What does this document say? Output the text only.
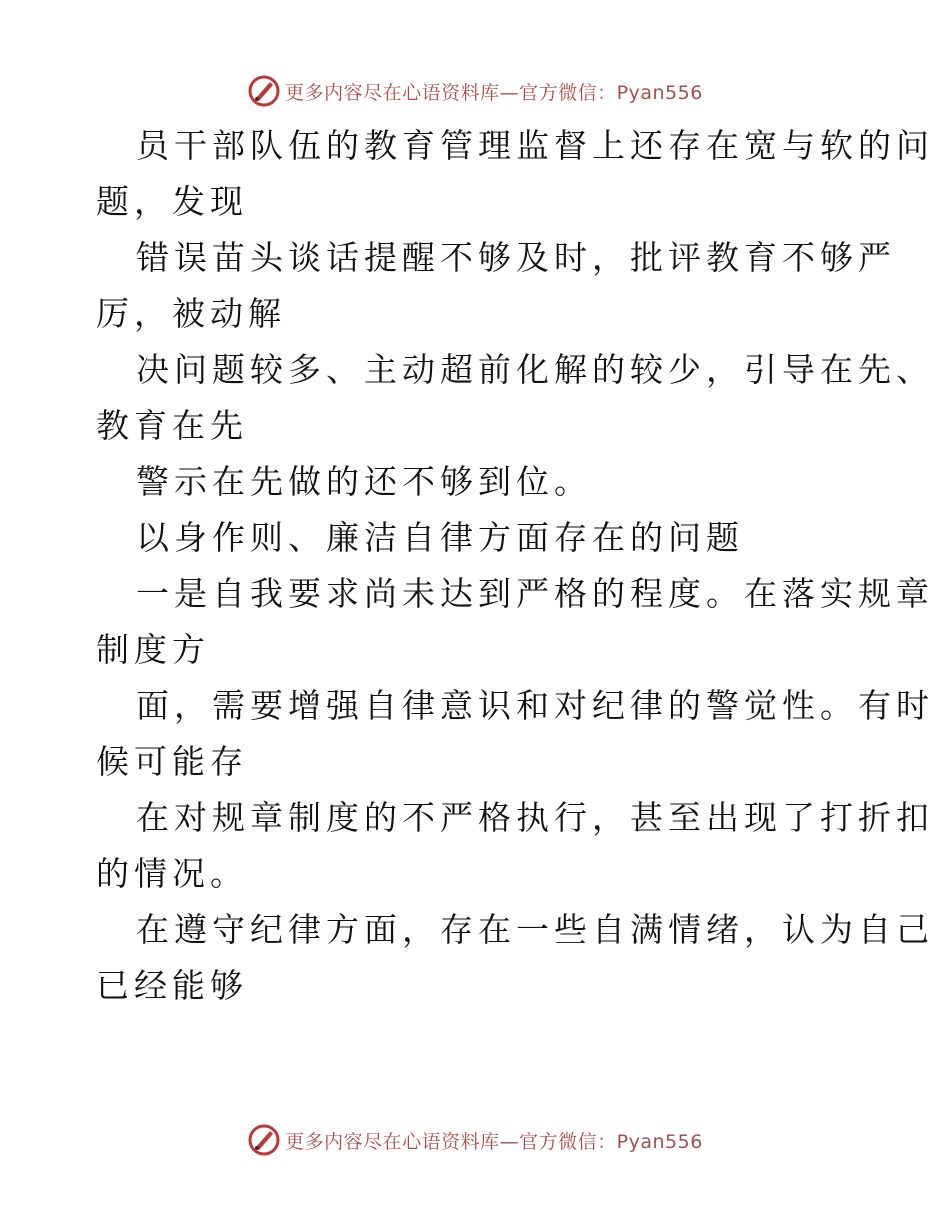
更多内容尽在心语资料库—官方微信：Pyan556
员干部队伍的教育管理监督上还存在宽与软的问
题，发现
错误苗头谈话提醒不够及时，批评教育不够严
厉，被动解
决问题较多、主动超前化解的较少，引导在先、
教育在先
警示在先做的还不够到位。
以身作则、廉洁自律方面存在的问题
一是自我要求尚未达到严格的程度。在落实规章
制度方
面，需要增强自律意识和对纪律的警觉性。有时
候可能存
在对规章制度的不严格执行，甚至出现了打折扣
的情况。
在遵守纪律方面，存在一些自满情绪，认为自己
已经能够
更多内容尽在心语资料库—官方微信：Pyan556
